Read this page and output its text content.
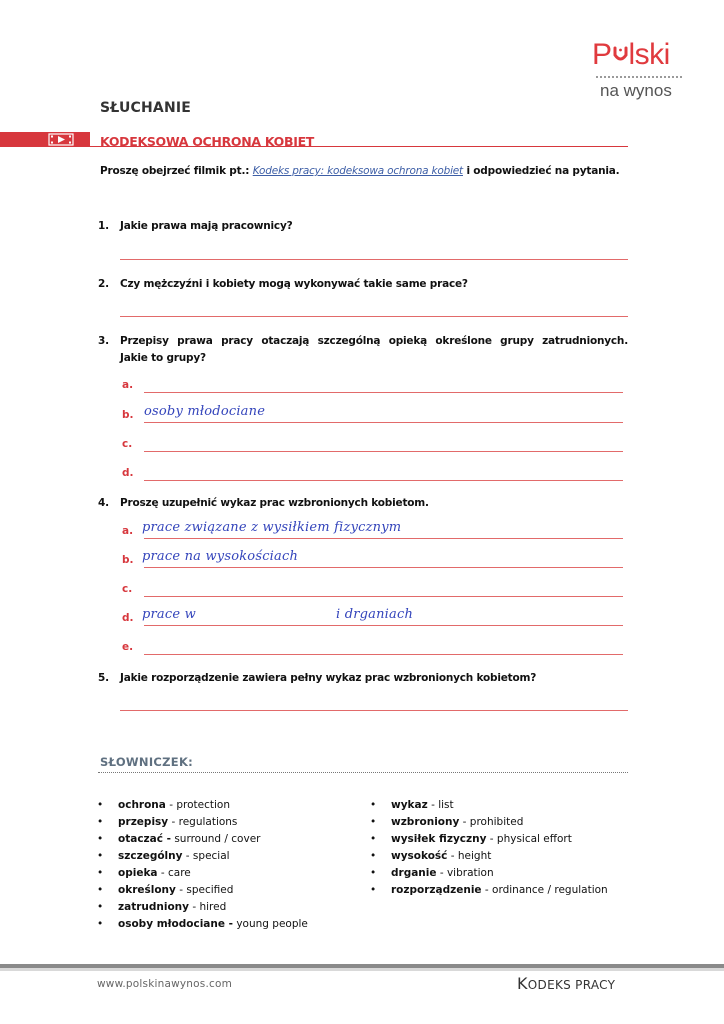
P lski
na wynos
SŁUCHANIE
KODEKSOWA OCHRONA KOBIET
Proszę obejrzeć filmik pt.: Kodeks pracy: kodeksowa ochrona kobiet i odpowiedzieć na pytania.
1. Jakie prawa mają pracownicy?
2. Czy mężczyźni i kobiety mogą wykonywać takie same prace?
3. Przepisy prawa pracy otaczają szczególną opieką określone grupy zatrudnionych.
Jakie to grupy?
a.
b. osoby młodociane
c.
d.
4. Proszę uzupełnić wykaz prac wzbronionych kobietom.
a. prace związane z wysiłkiem fizycznym
b. prace na wysokościach
c.
d. prace w	i drganiach
e.
5. Jakie rozporządzenie zawiera pełny wykaz prac wzbronionych kobietom?
SŁOWNICZEK:
• ochrona - protection
• przepisy - regulations
• otaczać - surround / cover
• szczególny - special
• opieka - care
• określony - specified
• zatrudniony - hired
• osoby młodociane - young people
• wykaz - list
• wzbroniony - prohibited
• wysiłek fizyczny - physical effort
• wysokość - height
• drganie - vibration
• rozporządzenie - ordinance / regulation
www.polskinawynos.com	KODEKS PRACY
